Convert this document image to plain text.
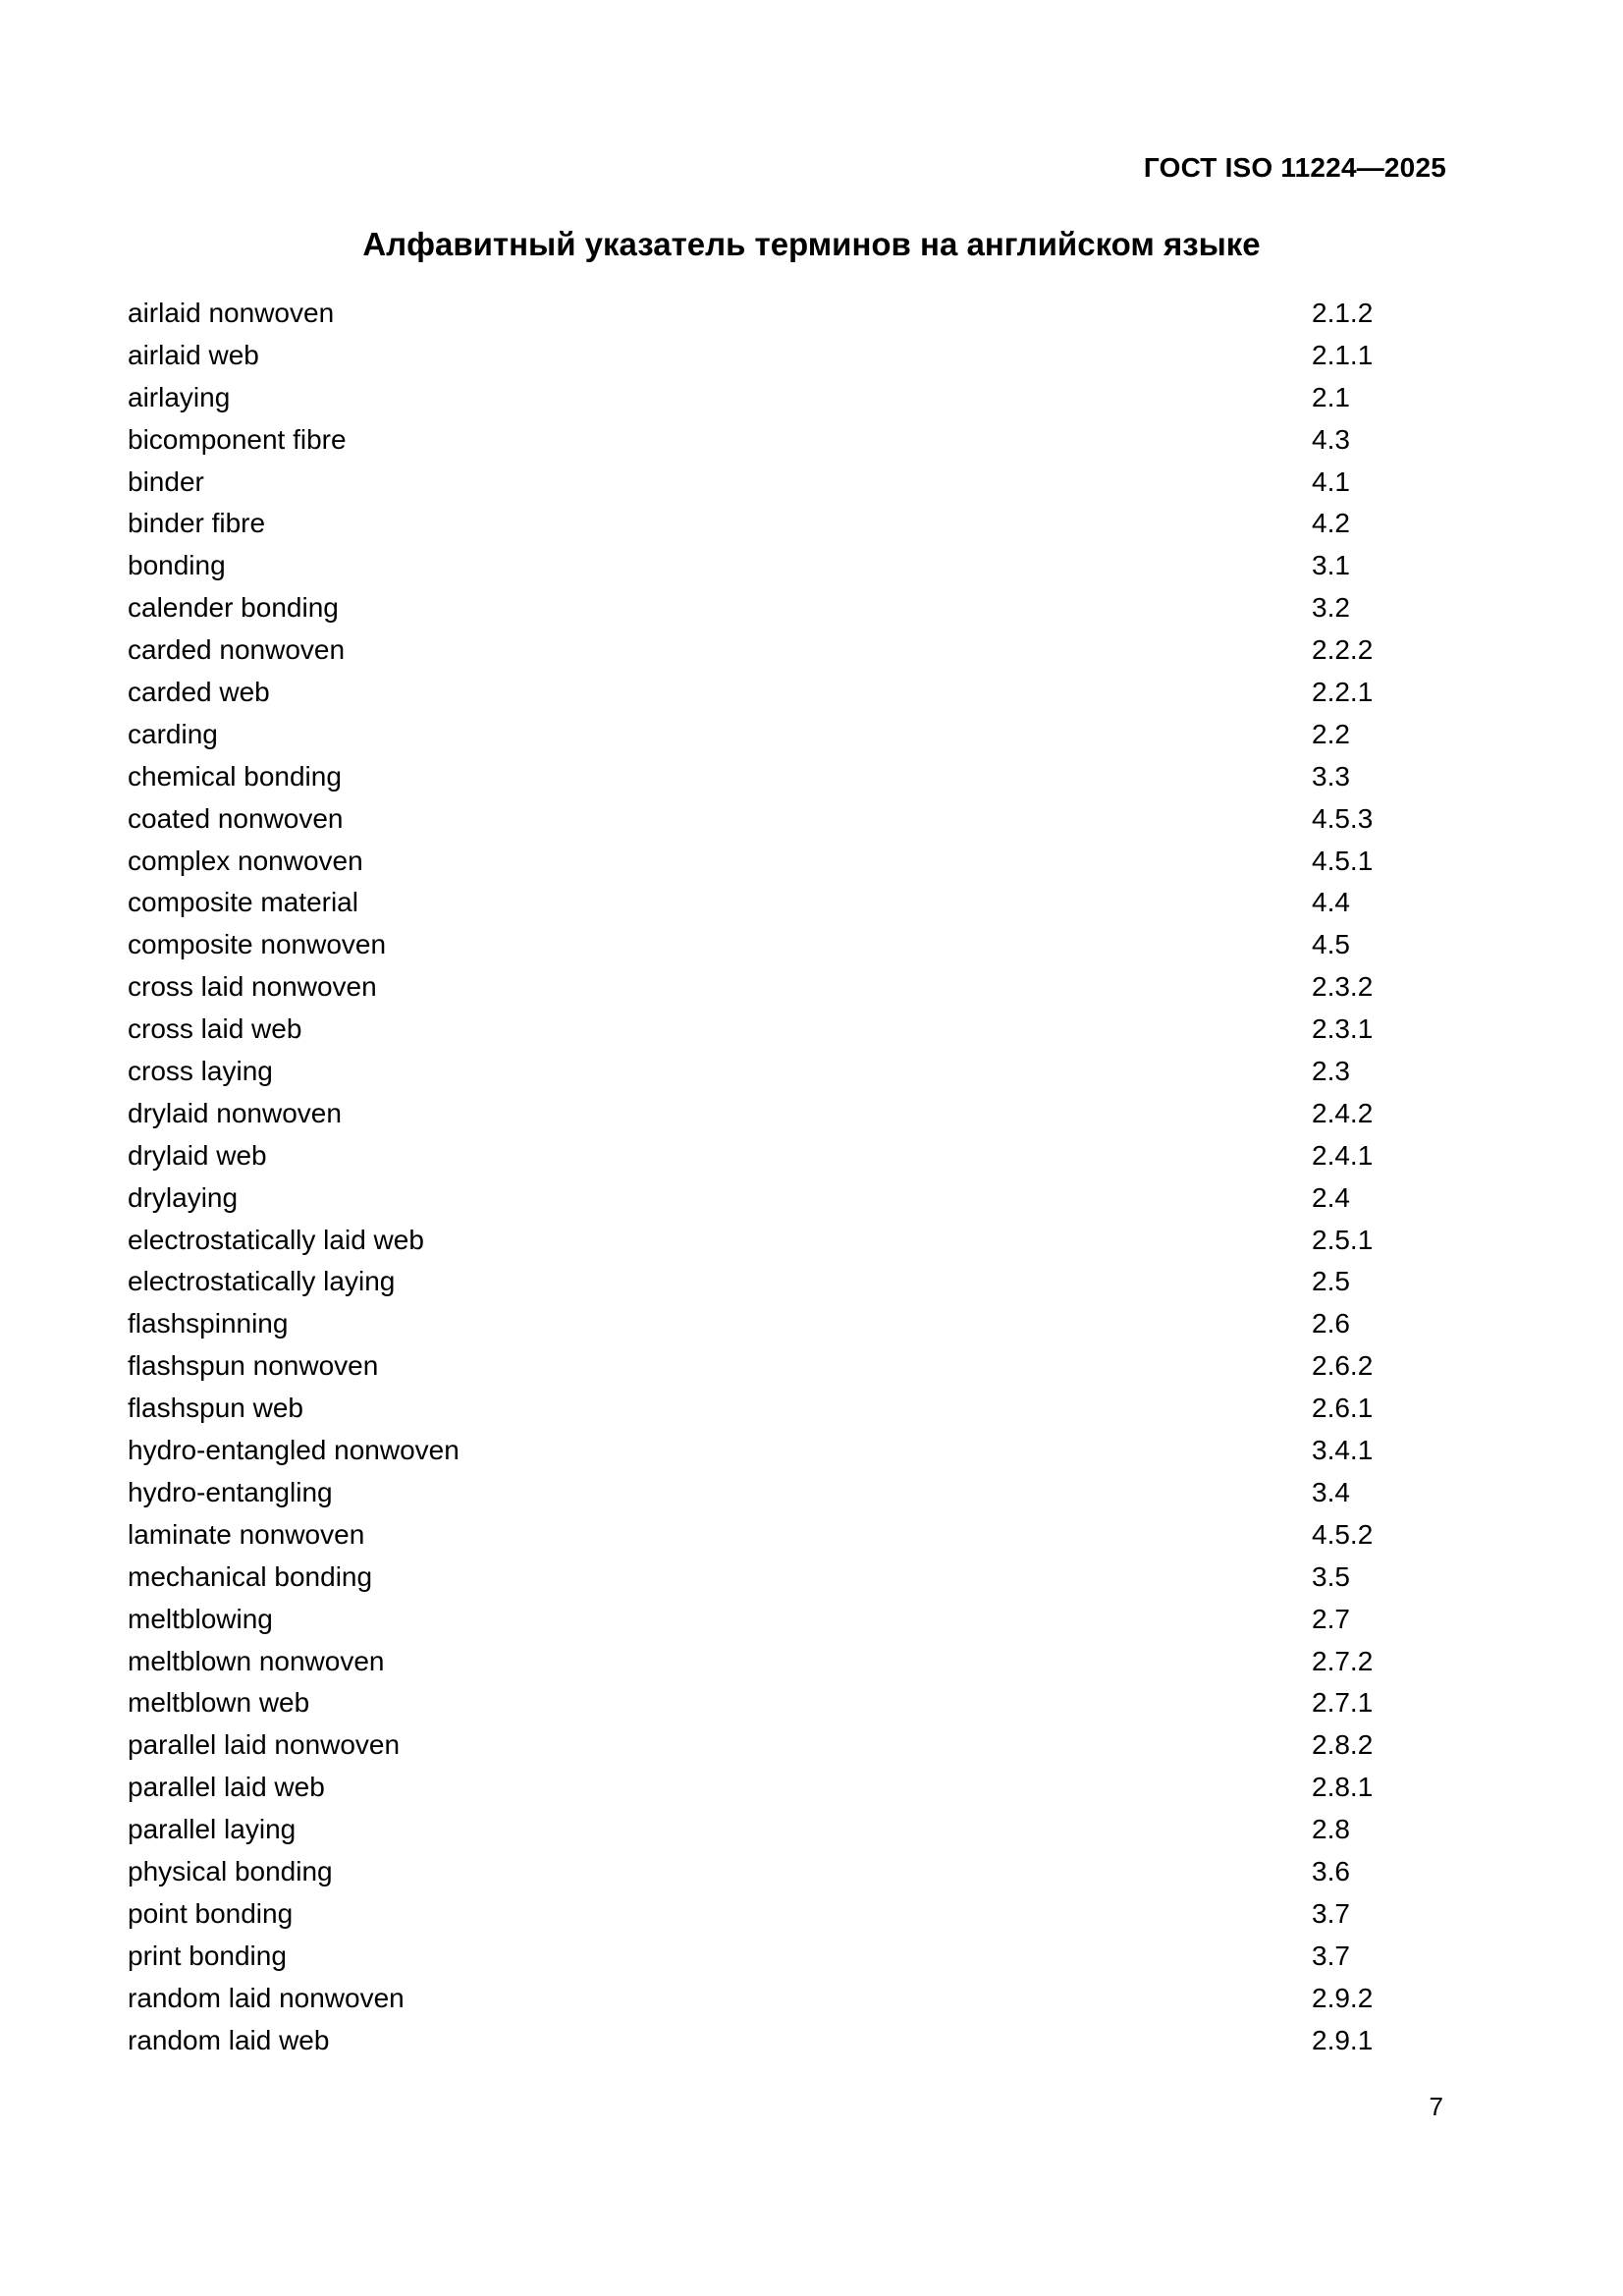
ГОСТ ISO 11224—2025
Алфавитный указатель терминов на английском языке
airlaid nonwoven	2.1.2
airlaid web	2.1.1
airlaying	2.1
bicomponent fibre	4.3
binder	4.1
binder fibre	4.2
bonding	3.1
calender bonding	3.2
carded nonwoven	2.2.2
carded web	2.2.1
carding	2.2
chemical bonding	3.3
coated nonwoven	4.5.3
complex nonwoven	4.5.1
composite material	4.4
composite nonwoven	4.5
cross laid nonwoven	2.3.2
cross laid web	2.3.1
cross laying	2.3
drylaid nonwoven	2.4.2
drylaid web	2.4.1
drylaying	2.4
electrostatically laid web	2.5.1
electrostatically laying	2.5
flashspinning	2.6
flashspun nonwoven	2.6.2
flashspun web	2.6.1
hydro-entangled nonwoven	3.4.1
hydro-entangling	3.4
laminate nonwoven	4.5.2
mechanical bonding	3.5
meltblowing	2.7
meltblown nonwoven	2.7.2
meltblown web	2.7.1
parallel laid nonwoven	2.8.2
parallel laid web	2.8.1
parallel laying	2.8
physical bonding	3.6
point bonding	3.7
print bonding	3.7
random laid nonwoven	2.9.2
random laid web	2.9.1
7
